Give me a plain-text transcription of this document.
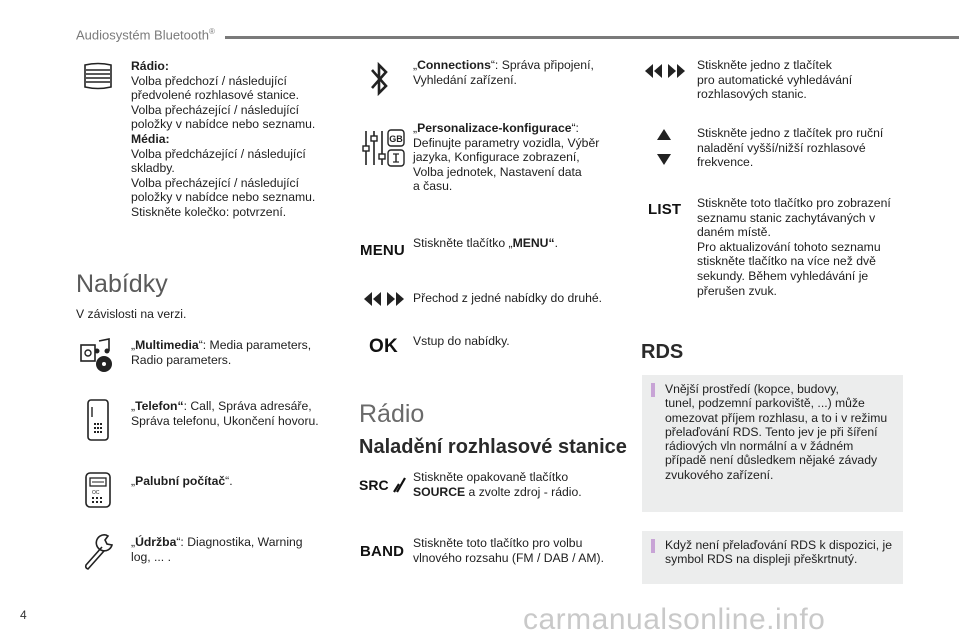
Audiosystém Bluetooth®
Rádio:
Volba předchozí / následující
předvolené rozhlasové stanice.
Volba přecházející / následující
položky v nabídce nebo seznamu.
Média:
Volba předcházející / následující
skladby.
Volba přecházející / následující
položky v nabídce nebo seznamu.
Stiskněte kolečko: potvrzení.
Nabídky
V závislosti na verzi.
„Multimedia“: Media parameters,
Radio parameters.
„Telefon“: Call, Správa adresáře,
Správa telefonu, Ukončení hovoru.
OC
„Palubní počítač“.
„Údržba“: Diagnostika, Warning
log, ... .
„Connections“: Správa připojení,
Vyhledání zařízení.
GB
„Personalizace-konfigurace“:
Definujte parametry vozidla, Výběr
jazyka, Konfigurace zobrazení,
Volba jednotek, Nastavení data
a času.
MENU Stiskněte tlačítko „MENU“.
Přechod z jedné nabídky do druhé.
OK Vstup do nabídky.
Rádio
Naladění rozhlasové stanice
SRC Stiskněte opakovaně tlačítko
SOURCE a zvolte zdroj - rádio.
BAND Stiskněte toto tlačítko pro volbu
vlnového rozsahu (FM / DAB / AM).
Stiskněte jedno z tlačítek
pro automatické vyhledávání
rozhlasových stanic.
Stiskněte jedno z tlačítek pro ruční
naladění vyšší/nižší rozhlasové
frekvence.
LIST Stiskněte toto tlačítko pro zobrazení
seznamu stanic zachytávaných v
daném místě.
Pro aktualizování tohoto seznamu
stiskněte tlačítko na více než dvě
sekundy. Během vyhledávání je
přerušen zvuk.
RDS
Vnější prostředí (kopce, budovy,
tunel, podzemní parkoviště, ...) může
omezovat příjem rozhlasu, a to i v režimu
přelaďování RDS. Tento jev je při šíření
rádiových vln normální a v žádném
případě není důsledkem nějaké závady
zvukového zařízení.
Když není přelaďování RDS k dispozici, je
symbol RDS na displeji přeškrtnutý.
4	carmanualsonline.info
